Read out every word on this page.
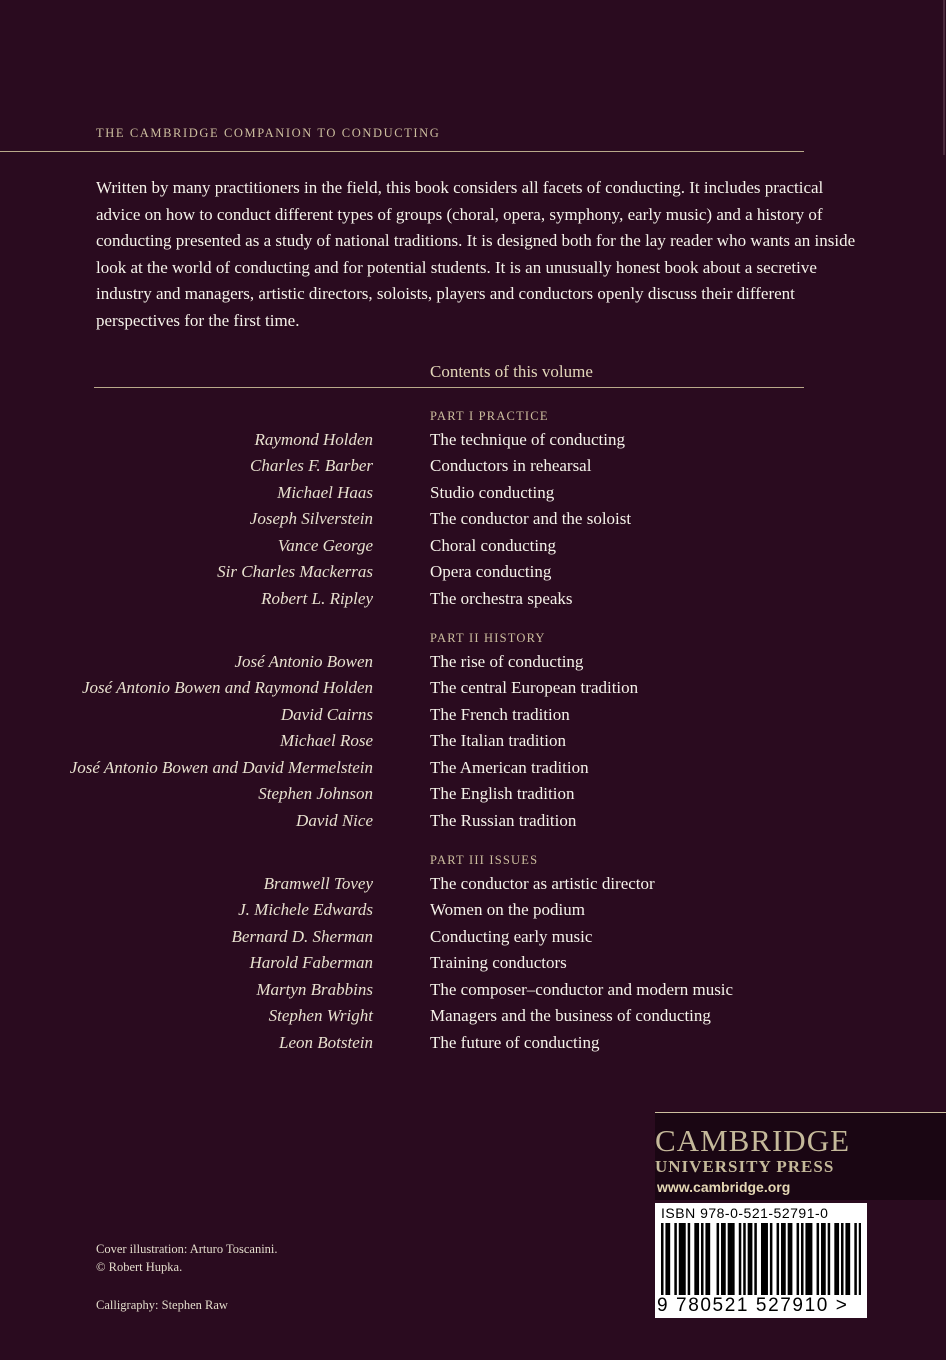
THE CAMBRIDGE COMPANION TO CONDUCTING
Written by many practitioners in the field, this book considers all facets of conducting. It includes practical advice on how to conduct different types of groups (choral, opera, symphony, early music) and a history of conducting presented as a study of national traditions. It is designed both for the lay reader who wants an inside look at the world of conducting and for potential students. It is an unusually honest book about a secretive industry and managers, artistic directors, soloists, players and conductors openly discuss their different perspectives for the first time.
Contents of this volume
PART I PRACTICE
Raymond Holden	The technique of conducting
Charles F. Barber	Conductors in rehearsal
Michael Haas	Studio conducting
Joseph Silverstein	The conductor and the soloist
Vance George	Choral conducting
Sir Charles Mackerras	Opera conducting
Robert L. Ripley	The orchestra speaks
PART II HISTORY
José Antonio Bowen	The rise of conducting
José Antonio Bowen and Raymond Holden	The central European tradition
David Cairns	The French tradition
Michael Rose	The Italian tradition
José Antonio Bowen and David Mermelstein	The American tradition
Stephen Johnson	The English tradition
David Nice	The Russian tradition
PART III ISSUES
Bramwell Tovey	The conductor as artistic director
J. Michele Edwards	Women on the podium
Bernard D. Sherman	Conducting early music
Harold Faberman	Training conductors
Martyn Brabbins	The composer–conductor and modern music
Stephen Wright	Managers and the business of conducting
Leon Botstein	The future of conducting
CAMBRIDGE
UNIVERSITY PRESS
www.cambridge.org
ISBN 978-0-521-52791-0
9 780521 527910 >
Cover illustration: Arturo Toscanini.
© Robert Hupka.
Calligraphy: Stephen Raw
